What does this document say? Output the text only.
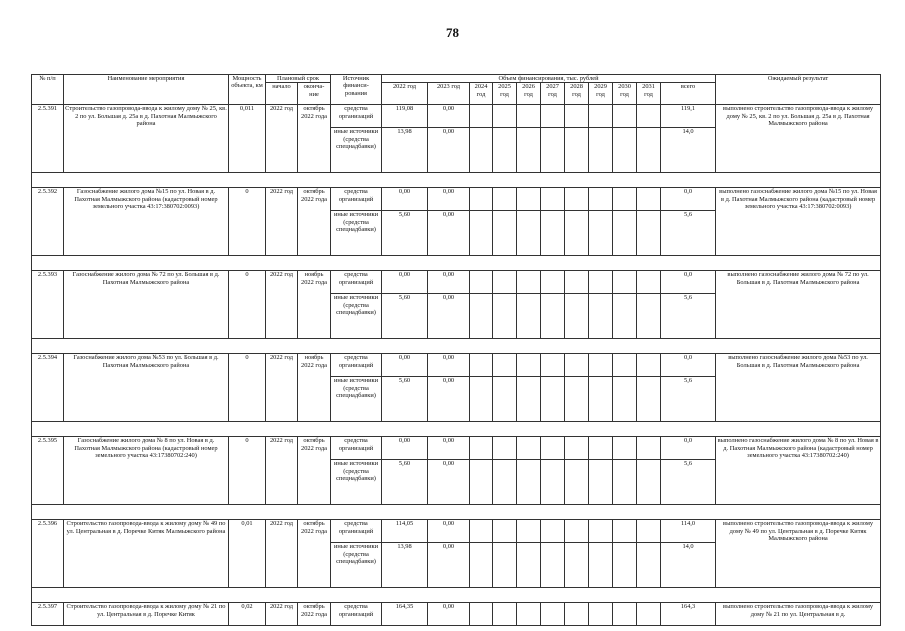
78
№ п/п	Наименование мероприятия	Мощность объекта, км	Плановый срок		Источник финанси- рования	Объем финансирования, тыс. рублей											Ожидаемый результат
			начало	оконча- ние		2022 год	2023 год	2024 год	2025 год	2026 год	2027 год	2028 год	2029 год	2030 год	2031 год	всего	
2.5.391	Строительство газопровода-ввода к жилому дому № 25, кв. 2 по ул. Большая д. 25а в д. Пахотная Малмыжского района	0,011	2022 год	октябрь 2022 года	средства организаций	119,08	0,00									119,1	выполнено строительство газопровода-ввода к жилому дому № 25, кв. 2 по ул. Большая д. 25а в д. Пахотная Малмыжского района
					иные источники (средства спецнадбавки)	13,98	0,00									14,0	

2.5.392	Газоснабжение жилого дома №15 по ул. Новая в д. Пахотная Малмыжского района (кадастровый номер земельного участка 43:17:380702:0093)	0	2022 год	октябрь 2022 года	средства организаций	0,00	0,00									0,0	выполнено газоснабжение жилого дома №15 по ул. Новая в д. Пахотная Малмыжского района (кадастровый номер земельного участка 43:17:380702:0093)
					иные источники (средства спецнадбавки)	5,60	0,00									5,6	

2.5.393	Газоснабжение жилого дома № 72 по ул. Большая в д. Пахотная Малмыжского района	0	2022 год	ноябрь 2022 года	средства организаций	0,00	0,00									0,0	выполнено газоснабжение жилого дома № 72 по ул. Большая в д. Пахотная Малмыжского района
					иные источники (средства спецнадбавки)	5,60	0,00									5,6	

2.5.394	Газоснабжение жилого дома №53 по ул. Большая в д. Пахотная Малмыжского района	0	2022 год	ноябрь 2022 года	средства организаций	0,00	0,00									0,0	выполнено газоснабжение жилого дома №53 по ул. Большая в д. Пахотная Малмыжского района
					иные источники (средства спецнадбавки)	5,60	0,00									5,6	

2.5.395	Газоснабжение жилого дома № 8 по ул. Новая в д. Пахотная Малмыжского района (кадастровый номер земельного участка 43:17380702:240)	0	2022 год	октябрь 2022 года	средства организаций	0,00	0,00									0,0	выполнено газоснабжение жилого дома № 8 по ул. Новая в д. Пахотная Малмыжского района (кадастровый номер земельного участка 43:17380702:240)
					иные источники (средства спецнадбавки)	5,60	0,00									5,6	

2.5.396	Строительство газопровода-ввода к жилому дому № 49 по ул. Центральная в д. Поречке Китяк Малмыжского района	0,01	2022 год	октябрь 2022 года	средства организаций	114,05	0,00									114,0	выполнено строительство газопровода-ввода к жилому дому № 49 по ул. Центральная в д. Поречке Китяк Малмыжского района
					иные источники (средства спецнадбавки)	13,98	0,00									14,0	

2.5.397	Строительство газопровода-ввода к жилому дому № 21 по ул. Центральная в д. Поречке Китяк	0,02	2022 год	октябрь 2022 года	средства организаций	164,35	0,00									164,3	выполнено строительство газопровода-ввода к жилому дому № 21 по ул. Центральная в д.
